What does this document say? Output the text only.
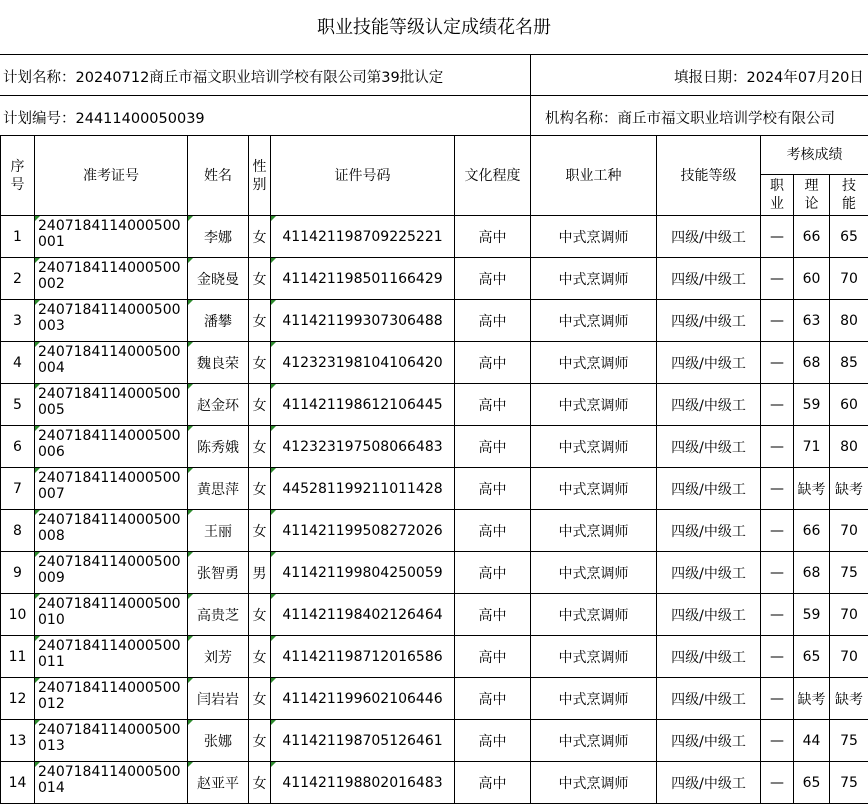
职业技能等级认定成绩花名册
计划名称：20240712商丘市福文职业培训学校有限公司第39批认定	填报日期：2024年07月20日
计划编号：24411400050039	机构名称：商丘市福文职业培训学校有限公司
序号	准考证号	姓名	性别	证件号码	文化程度	职业工种	技能等级	考核成绩		
								职业	理论	技能
1	2407184114000500001	李娜	女	411421198709225221	高中	中式烹调师	四级/中级工	—	66	65
2	2407184114000500002	金晓曼	女	411421198501166429	高中	中式烹调师	四级/中级工	—	60	70
3	2407184114000500003	潘攀	女	411421199307306488	高中	中式烹调师	四级/中级工	—	63	80
4	2407184114000500004	魏良荣	女	412323198104106420	高中	中式烹调师	四级/中级工	—	68	85
5	2407184114000500005	赵金环	女	411421198612106445	高中	中式烹调师	四级/中级工	—	59	60
6	2407184114000500006	陈秀娥	女	412323197508066483	高中	中式烹调师	四级/中级工	—	71	80
7	2407184114000500007	黄思萍	女	445281199211011428	高中	中式烹调师	四级/中级工	—	缺考	缺考
8	2407184114000500008	王丽	女	411421199508272026	高中	中式烹调师	四级/中级工	—	66	70
9	2407184114000500009	张智勇	男	411421199804250059	高中	中式烹调师	四级/中级工	—	68	75
10	2407184114000500010	高贵芝	女	411421198402126464	高中	中式烹调师	四级/中级工	—	59	70
11	2407184114000500011	刘芳	女	411421198712016586	高中	中式烹调师	四级/中级工	—	65	70
12	2407184114000500012	闫岩岩	女	411421199602106446	高中	中式烹调师	四级/中级工	—	缺考	缺考
13	2407184114000500013	张娜	女	411421198705126461	高中	中式烹调师	四级/中级工	—	44	75
14	2407184114000500014	赵亚平	女	411421198802016483	高中	中式烹调师	四级/中级工	—	65	75
